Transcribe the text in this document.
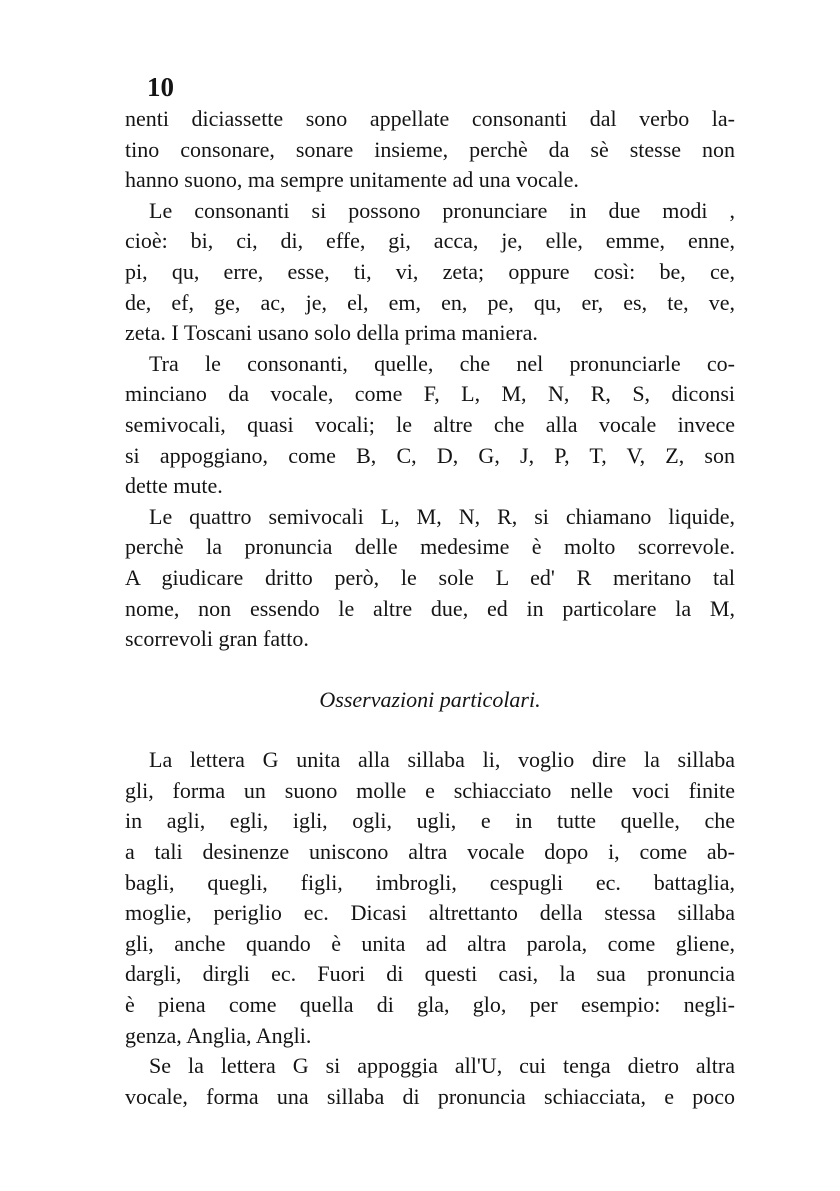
10
nenti diciassette sono appellate consonanti dal verbo la-
tino consonare, sonare insieme, perchè da sè stesse non
hanno suono, ma sempre unitamente ad una vocale.
Le consonanti si possono pronunciare in due modi ,
cioè: bi, ci, di, effe, gi, acca, je, elle, emme, enne,
pi, qu, erre, esse, ti, vi, zeta; oppure così: be, ce,
de, ef, ge, ac, je, el, em, en, pe, qu, er, es, te, ve,
zeta. I Toscani usano solo della prima maniera.
Tra le consonanti, quelle, che nel pronunciarle co-
minciano da vocale, come F, L, M, N, R, S, diconsi
semivocali, quasi vocali; le altre che alla vocale invece
si appoggiano, come B, C, D, G, J, P, T, V, Z, son
dette mute.
Le quattro semivocali L, M, N, R, si chiamano liquide,
perchè la pronuncia delle medesime è molto scorrevole.
A giudicare dritto però, le sole L ed' R meritano tal
nome, non essendo le altre due, ed in particolare la M,
scorrevoli gran fatto.
Osservazioni particolari.
La lettera G unita alla sillaba li, voglio dire la sillaba
gli, forma un suono molle e schiacciato nelle voci finite
in agli, egli, igli, ogli, ugli, e in tutte quelle, che
a tali desinenze uniscono altra vocale dopo i, come ab-
bagli, quegli, figli, imbrogli, cespugli ec. battaglia,
moglie, periglio ec. Dicasi altrettanto della stessa sillaba
gli, anche quando è unita ad altra parola, come gliene,
dargli, dirgli ec. Fuori di questi casi, la sua pronuncia
è piena come quella di gla, glo, per esempio: negli-
genza, Anglia, Angli.
Se la lettera G si appoggia all'U, cui tenga dietro altra
vocale, forma una sillaba di pronuncia schiacciata, e poco
